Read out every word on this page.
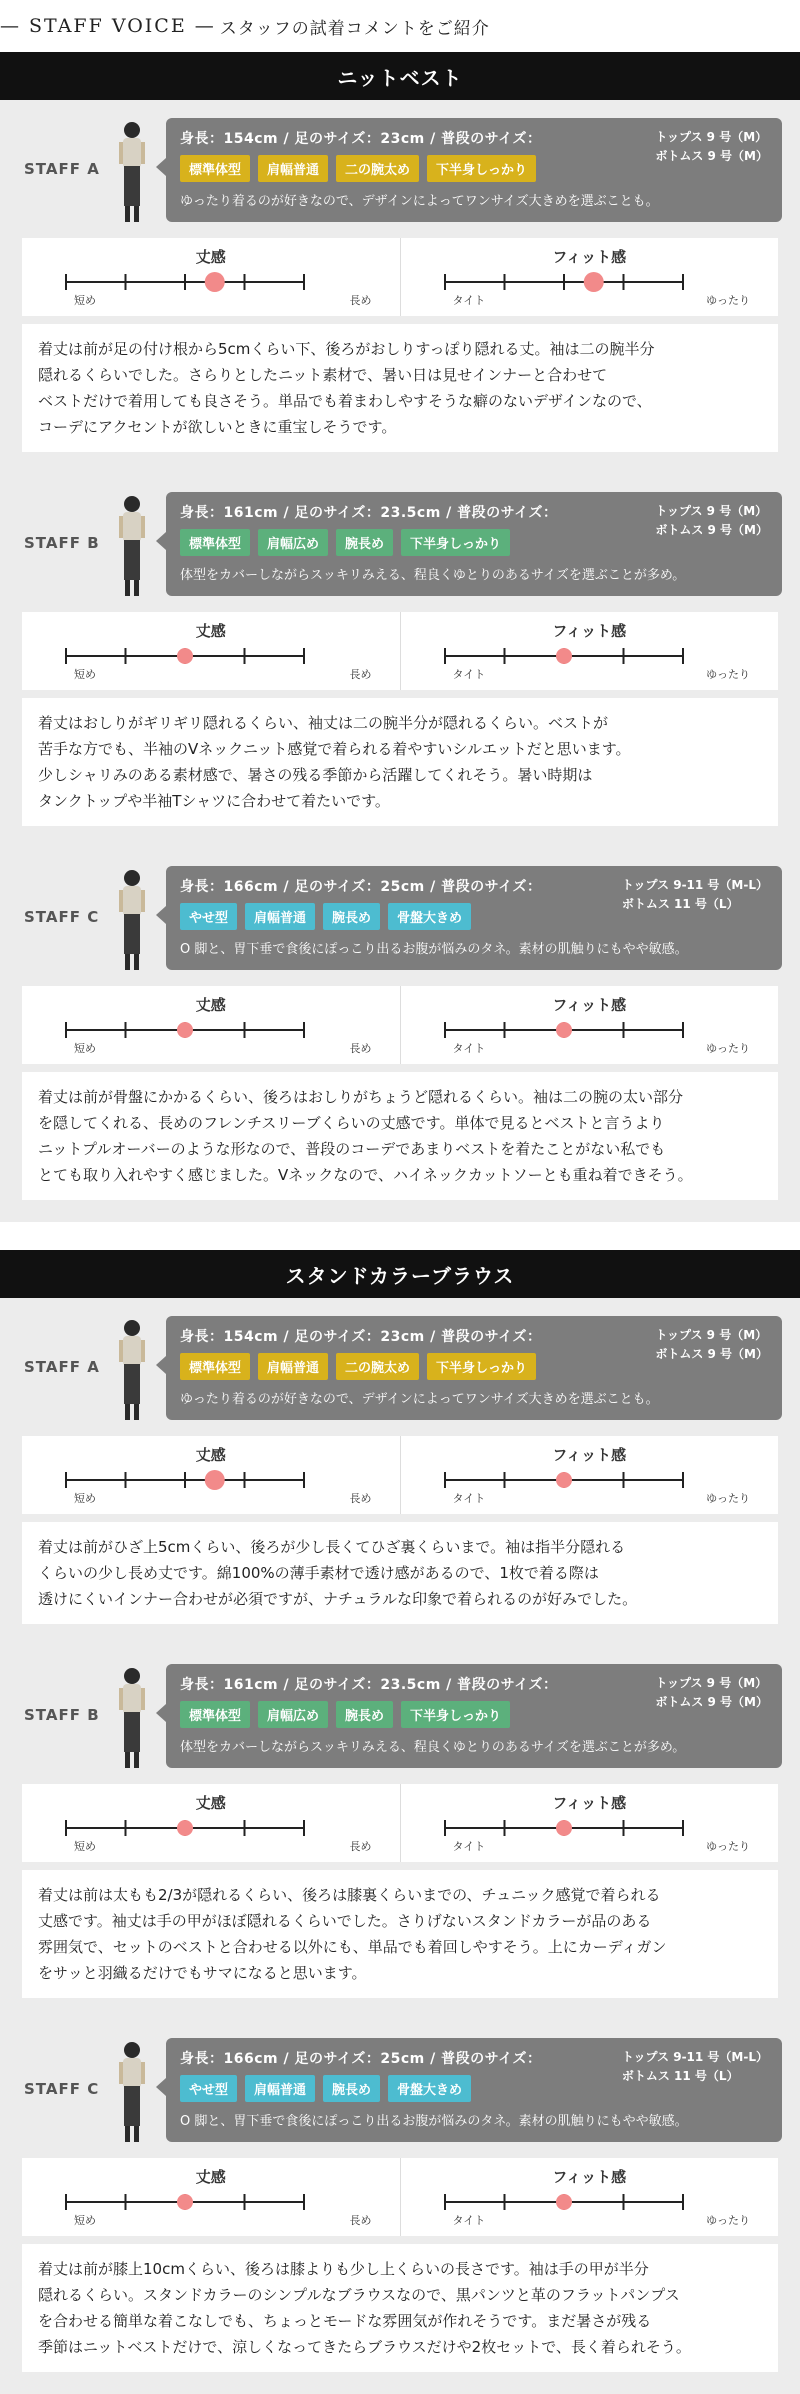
— STAFF VOICE — スタッフの試着コメントをご紹介
ニットベスト
STAFF A
身長：154cm / 足のサイズ：23cm / 普段のサイズ：	トップス 9 号（M）
ボトムス 9 号（M）
標準体型	肩幅普通	二の腕太め	下半身しっかり
ゆったり着るのが好きなので、デザインによってワンサイズ大きめを選ぶことも。
丈感
短め	長め
フィット感
タイト	ゆったり
着丈は前が足の付け根から5cmくらい下、後ろがおしりすっぽり隠れる丈。袖は二の腕半分
隠れるくらいでした。さらりとしたニット素材で、暑い日は見せインナーと合わせて
ベストだけで着用しても良さそう。単品でも着まわしやすそうな癖のないデザインなので、
コーデにアクセントが欲しいときに重宝しそうです。
STAFF B
身長：161cm / 足のサイズ：23.5cm / 普段のサイズ：	トップス 9 号（M）
ボトムス 9 号（M）
標準体型	肩幅広め	腕長め	下半身しっかり
体型をカバーしながらスッキリみえる、程良くゆとりのあるサイズを選ぶことが多め。
丈感
短め	長め
フィット感
タイト	ゆったり
着丈はおしりがギリギリ隠れるくらい、袖丈は二の腕半分が隠れるくらい。ベストが
苦手な方でも、半袖のVネックニット感覚で着られる着やすいシルエットだと思います。
少しシャリみのある素材感で、暑さの残る季節から活躍してくれそう。暑い時期は
タンクトップや半袖Tシャツに合わせて着たいです。
STAFF C
身長：166cm / 足のサイズ：25cm / 普段のサイズ：	トップス 9-11 号（M-L）
ボトムス 11 号（L）
やせ型	肩幅普通	腕長め	骨盤大きめ
O 脚と、胃下垂で食後にぽっこり出るお腹が悩みのタネ。素材の肌触りにもやや敏感。
丈感
短め	長め
フィット感
タイト	ゆったり
着丈は前が骨盤にかかるくらい、後ろはおしりがちょうど隠れるくらい。袖は二の腕の太い部分
を隠してくれる、長めのフレンチスリーブくらいの丈感です。単体で見るとベストと言うより
ニットプルオーバーのような形なので、普段のコーデであまりベストを着たことがない私でも
とても取り入れやすく感じました。Vネックなので、ハイネックカットソーとも重ね着できそう。
スタンドカラーブラウス
STAFF A
身長：154cm / 足のサイズ：23cm / 普段のサイズ：	トップス 9 号（M）
ボトムス 9 号（M）
標準体型	肩幅普通	二の腕太め	下半身しっかり
ゆったり着るのが好きなので、デザインによってワンサイズ大きめを選ぶことも。
丈感
短め	長め
フィット感
タイト	ゆったり
着丈は前がひざ上5cmくらい、後ろが少し長くてひざ裏くらいまで。袖は指半分隠れる
くらいの少し長め丈です。綿100%の薄手素材で透け感があるので、1枚で着る際は
透けにくいインナー合わせが必須ですが、ナチュラルな印象で着られるのが好みでした。
STAFF B
身長：161cm / 足のサイズ：23.5cm / 普段のサイズ：	トップス 9 号（M）
ボトムス 9 号（M）
標準体型	肩幅広め	腕長め	下半身しっかり
体型をカバーしながらスッキリみえる、程良くゆとりのあるサイズを選ぶことが多め。
丈感
短め	長め
フィット感
タイト	ゆったり
着丈は前は太もも2/3が隠れるくらい、後ろは膝裏くらいまでの、チュニック感覚で着られる
丈感です。袖丈は手の甲がほぼ隠れるくらいでした。さりげないスタンドカラーが品のある
雰囲気で、セットのベストと合わせる以外にも、単品でも着回しやすそう。上にカーディガン
をサッと羽織るだけでもサマになると思います。
STAFF C
身長：166cm / 足のサイズ：25cm / 普段のサイズ：	トップス 9-11 号（M-L）
ボトムス 11 号（L）
やせ型	肩幅普通	腕長め	骨盤大きめ
O 脚と、胃下垂で食後にぽっこり出るお腹が悩みのタネ。素材の肌触りにもやや敏感。
丈感
短め	長め
フィット感
タイト	ゆったり
着丈は前が膝上10cmくらい、後ろは膝よりも少し上くらいの長さです。袖は手の甲が半分
隠れるくらい。スタンドカラーのシンプルなブラウスなので、黒パンツと革のフラットパンプス
を合わせる簡単な着こなしでも、ちょっとモードな雰囲気が作れそうです。まだ暑さが残る
季節はニットベストだけで、涼しくなってきたらブラウスだけや2枚セットで、長く着られそう。
